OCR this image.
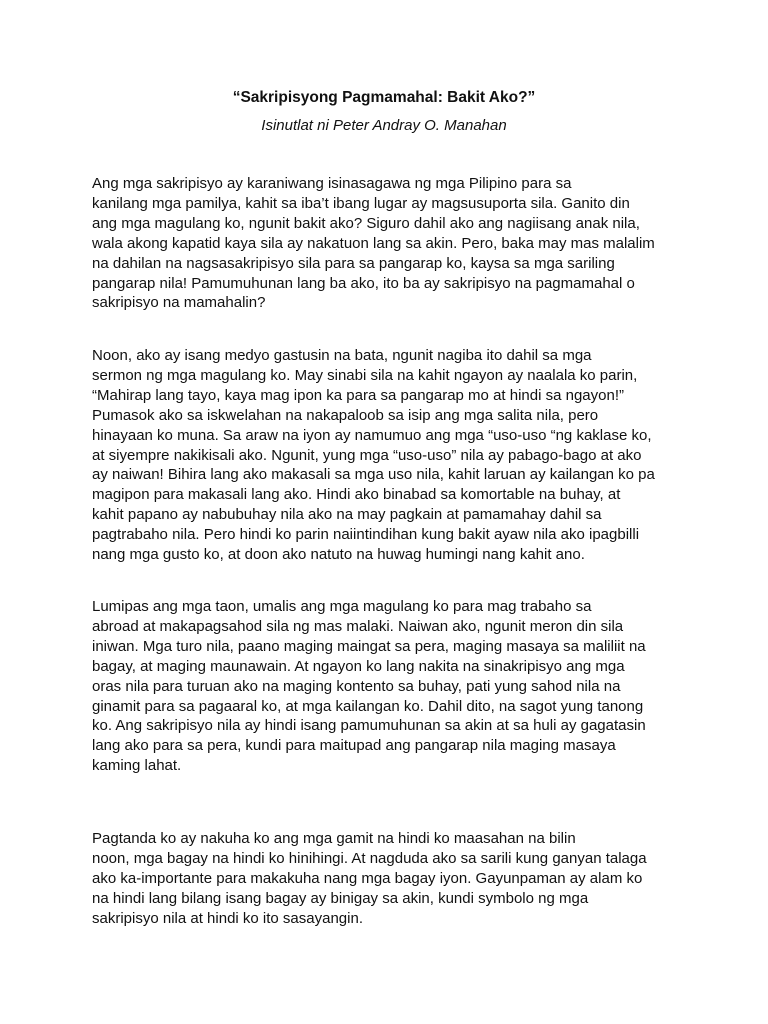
“Sakripisyong Pagmamahal: Bakit Ako?”
Isinutlat ni Peter Andray O. Manahan

Ang mga sakripisyo ay karaniwang isinasagawa ng mga Pilipino para sa
kanilang mga pamilya, kahit sa iba’t ibang lugar ay magsusuporta sila. Ganito din
ang mga magulang ko, ngunit bakit ako? Siguro dahil ako ang nagiisang anak nila,
wala akong kapatid kaya sila ay nakatuon lang sa akin. Pero, baka may mas malalim
na dahilan na nagsasakripisyo sila para sa pangarap ko, kaysa sa mga sariling
pangarap nila! Pamumuhunan lang ba ako, ito ba ay sakripisyo na pagmamahal o
sakripisyo na mamahalin?

Noon, ako ay isang medyo gastusin na bata, ngunit nagiba ito dahil sa mga
sermon ng mga magulang ko. May sinabi sila na kahit ngayon ay naalala ko parin,
“Mahirap lang tayo, kaya mag ipon ka para sa pangarap mo at hindi sa ngayon!”
Pumasok ako sa iskwelahan na nakapaloob sa isip ang mga salita nila, pero
hinayaan ko muna. Sa araw na iyon ay namumuo ang mga “uso-uso “ng kaklase ko,
at siyempre nakikisali ako. Ngunit, yung mga “uso-uso” nila ay pabago-bago at ako
ay naiwan! Bihira lang ako makasali sa mga uso nila, kahit laruan ay kailangan ko pa
magipon para makasali lang ako. Hindi ako binabad sa komortable na buhay, at
kahit papano ay nabubuhay nila ako na may pagkain at pamamahay dahil sa
pagtrabaho nila. Pero hindi ko parin naiintindihan kung bakit ayaw nila ako ipagbilli
nang mga gusto ko, at doon ako natuto na huwag humingi nang kahit ano.

Lumipas ang mga taon, umalis ang mga magulang ko para mag trabaho sa
abroad at makapagsahod sila ng mas malaki. Naiwan ako, ngunit meron din sila
iniwan. Mga turo nila, paano maging maingat sa pera, maging masaya sa maliliit na
bagay, at maging maunawain. At ngayon ko lang nakita na sinakripisyo ang mga
oras nila para turuan ako na maging kontento sa buhay, pati yung sahod nila na
ginamit para sa pagaaral ko, at mga kailangan ko. Dahil dito, na sagot yung tanong
ko. Ang sakripisyo nila ay hindi isang pamumuhunan sa akin at sa huli ay gagatasin
lang ako para sa pera, kundi para maitupad ang pangarap nila maging masaya
kaming lahat.

Pagtanda ko ay nakuha ko ang mga gamit na hindi ko maasahan na bilin
noon, mga bagay na hindi ko hinihingi. At nagduda ako sa sarili kung ganyan talaga
ako ka-importante para makakuha nang mga bagay iyon. Gayunpaman ay alam ko
na hindi lang bilang isang bagay ay binigay sa akin, kundi symbolo ng mga
sakripisyo nila at hindi ko ito sasayangin.
